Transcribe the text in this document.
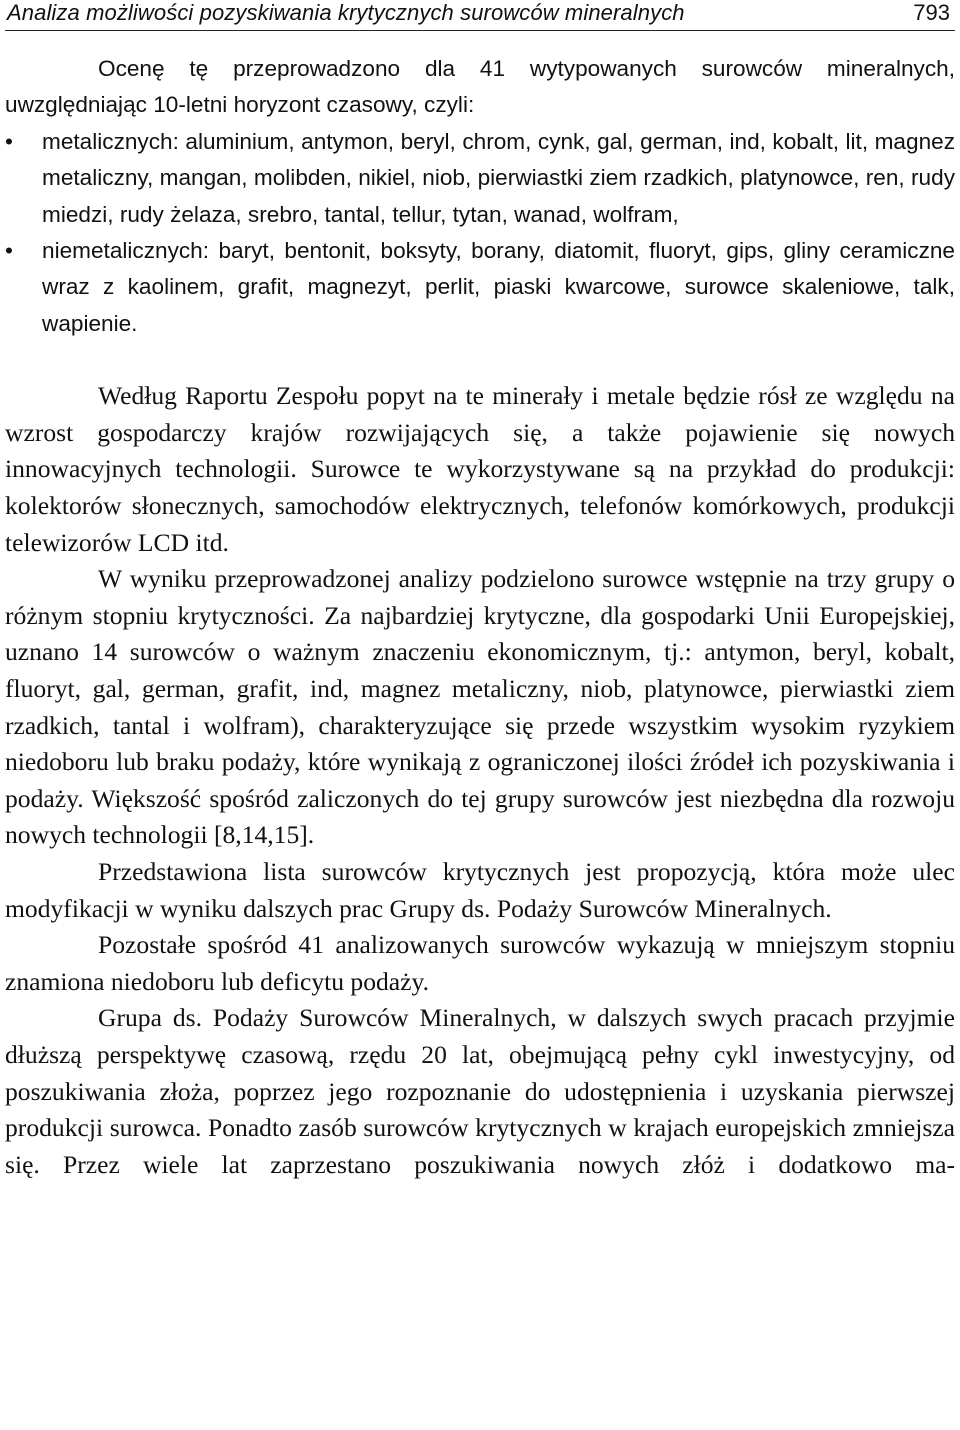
Analiza możliwości pozyskiwania krytycznych surowców mineralnych	793

Ocenę tę przeprowadzono dla 41 wytypowanych surowców mineralnych, uwzględniając 10-letni horyzont czasowy, czyli:

•	metalicznych: aluminium, antymon, beryl, chrom, cynk, gal, german, ind, kobalt, lit, magnez metaliczny, mangan, molibden, nikiel, niob, pierwiastki ziem rzadkich, platynowce, ren, rudy miedzi, rudy żelaza, srebro, tantal, tellur, tytan, wanad, wolfram,
•	niemetalicznych: baryt, bentonit, boksyty, borany, diatomit, fluoryt, gips, gliny ceramiczne wraz z kaolinem, grafit, magnezyt, perlit, piaski kwarcowe, surowce skaleniowe, talk, wapienie.

Według Raportu Zespołu popyt na te minerały i metale będzie rósł ze względu na wzrost gospodarczy krajów rozwijających się, a także pojawienie się nowych innowacyjnych technologii. Surowce te wykorzystywane są na przykład do produkcji: kolektorów słonecznych, samochodów elektrycznych, telefonów komórkowych, produkcji telewizorów LCD itd.

W wyniku przeprowadzonej analizy podzielono surowce wstępnie na trzy grupy o różnym stopniu krytyczności. Za najbardziej krytyczne, dla gospodarki Unii Europejskiej, uznano 14 surowców o ważnym znaczeniu ekonomicznym, tj.: antymon, beryl, kobalt, fluoryt, gal, german, grafit, ind, magnez metaliczny, niob, platynowce, pierwiastki ziem rzadkich, tantal i wolfram), charakteryzujące się przede wszystkim wysokim ryzykiem niedoboru lub braku podaży, które wynikają z ograniczonej ilości źródeł ich pozyskiwania i podaży. Większość spośród zaliczonych do tej grupy surowców jest niezbędna dla rozwoju nowych technologii [8,14,15].

Przedstawiona lista surowców krytycznych jest propozycją, która może ulec modyfikacji w wyniku dalszych prac Grupy ds. Podaży Surowców Mineralnych.

Pozostałe spośród 41 analizowanych surowców wykazują w mniejszym stopniu znamiona niedoboru lub deficytu podaży.

Grupa ds. Podaży Surowców Mineralnych, w dalszych swych pracach przyjmie dłuższą perspektywę czasową, rzędu 20 lat, obejmującą pełny cykl inwestycyjny, od poszukiwania złoża, poprzez jego rozpoznanie do udostępnienia i uzyskania pierwszej produkcji surowca. Ponadto zasób surowców krytycznych w krajach europejskich zmniejsza się. Przez wiele lat zaprzestano poszukiwania nowych złóż i dodatkowo ma-
